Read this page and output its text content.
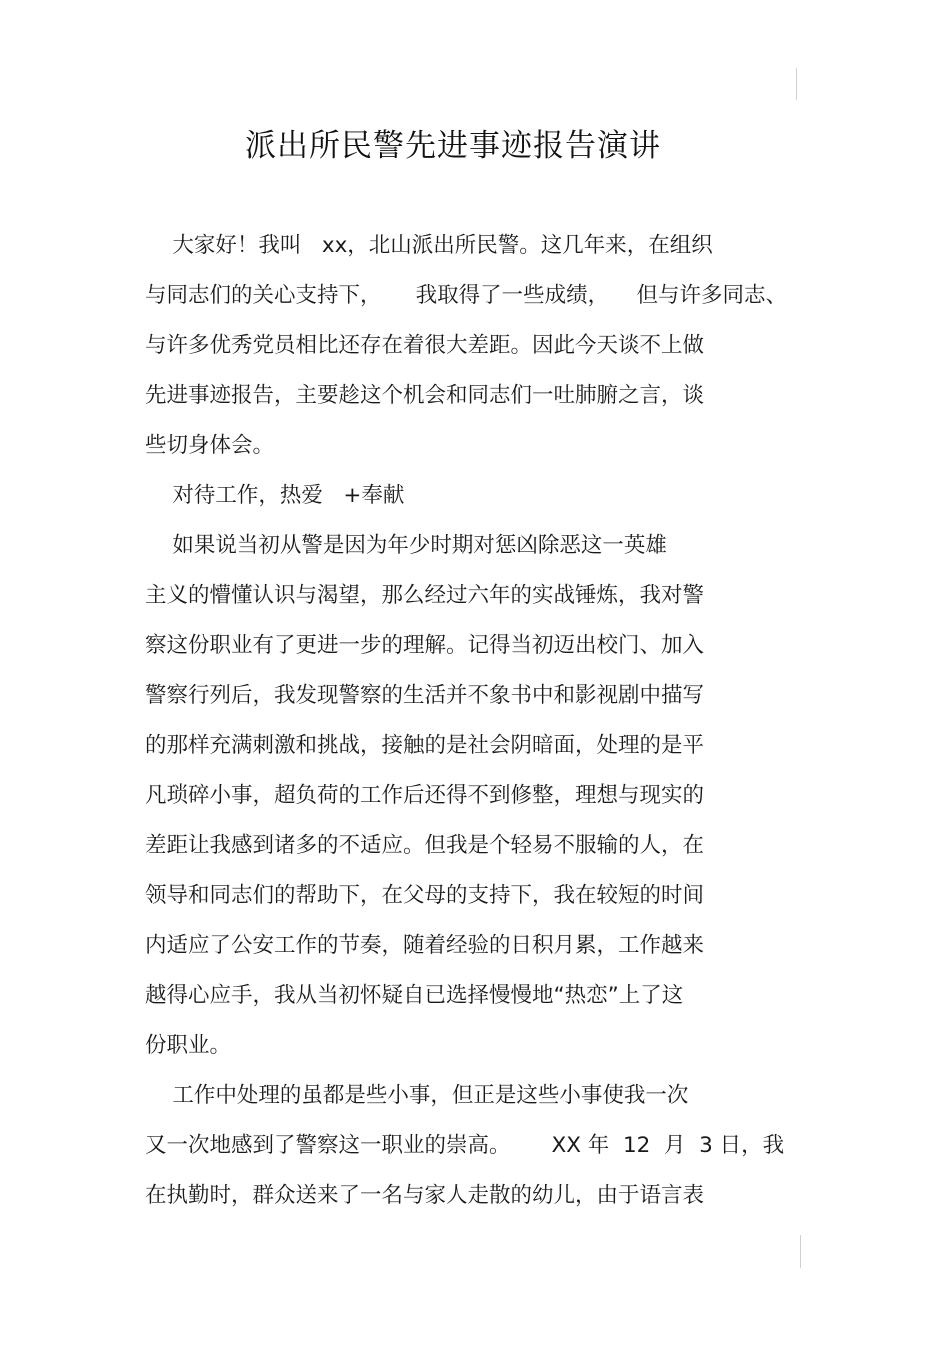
派出所民警先进事迹报告演讲
大家好！我叫   xx，北山派出所民警。这几年来，在组织
与同志们的关心支持下，     我取得了一些成绩，    但与许多同志、
与许多优秀党员相比还存在着很大差距。因此今天谈不上做
先进事迹报告，主要趁这个机会和同志们一吐肺腑之言，谈
些切身体会。
对待工作，热爱   +奉献
如果说当初从警是因为年少时期对惩凶除恶这一英雄
主义的懵懂认识与渴望，那么经过六年的实战锤炼，我对警
察这份职业有了更进一步的理解。记得当初迈出校门、加入
警察行列后，我发现警察的生活并不象书中和影视剧中描写
的那样充满刺激和挑战，接触的是社会阴暗面，处理的是平
凡琐碎小事，超负荷的工作后还得不到修整，理想与现实的
差距让我感到诸多的不适应。但我是个轻易不服输的人，在
领导和同志们的帮助下，在父母的支持下，我在较短的时间
内适应了公安工作的节奏，随着经验的日积月累，工作越来
越得心应手，我从当初怀疑自已选择慢慢地“热恋”上了这
份职业。
工作中处理的虽都是些小事，但正是这些小事使我一次
又一次地感到了警察这一职业的崇高。      XX 年  12  月  3 日，我
在执勤时，群众送来了一名与家人走散的幼儿，由于语言表
